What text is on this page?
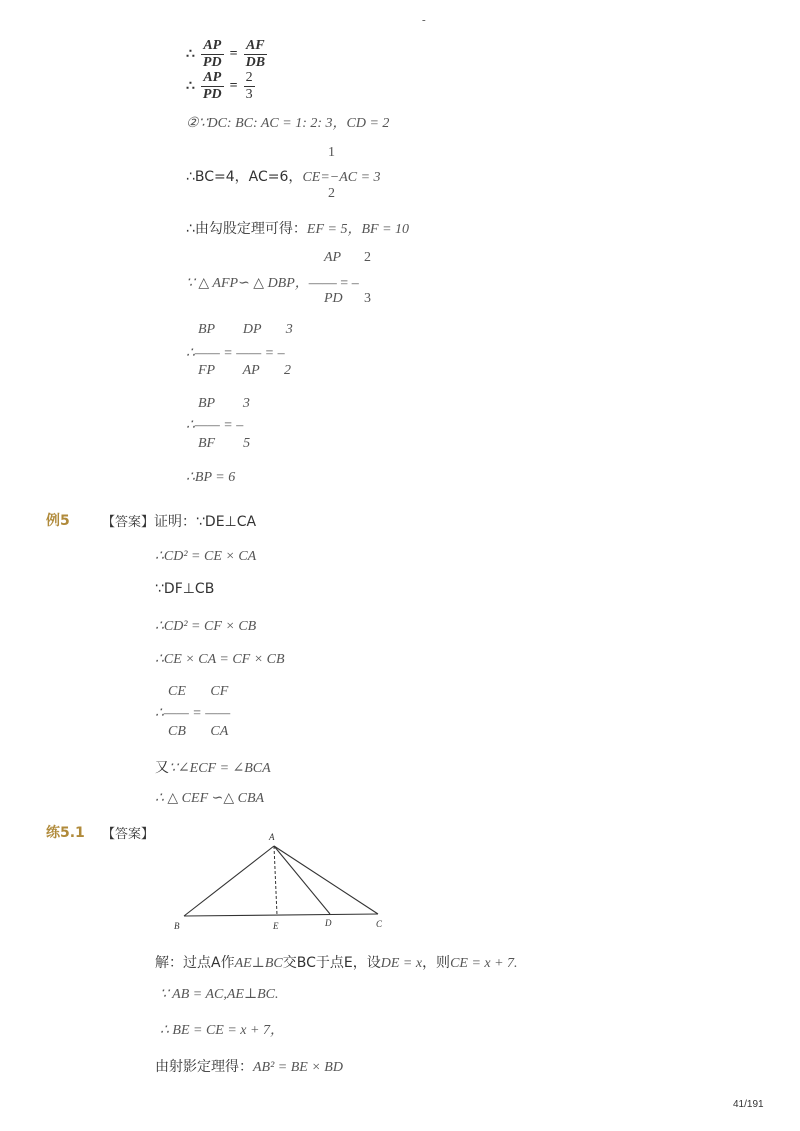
-
∴ $\frac{AP}{PD} = \frac{AF}{DB}$
∴ $\frac{AP}{PD} = \frac{2}{3}$
②∵DC: BC: AC = 1: 2: 3，CD = 2
1
∴BC=4，AC=6，CE=−AC = 3
2
∴由勾股定理可得：EF = 5，BF = 10
AP 2
∵ △ AFP∽ △ DBP，—— = –
PD 3
BP        DP       3
∴—— = —— = –
FP        AP       2
BP        3
∴—— = –
BF        5
∴BP = 6
例5 【答案】证明：∵DE⊥CA
∴CD² = CE × CA
∵DF⊥CB
∴CD² = CF × CB
∴CE × CA = CF × CB
CE       CF
∴—— = ——
CB       CA
又∵∠ECF = ∠BCA
∴ △ CEF ∽△ CBA
练5.1 【答案】	A
B	E	D	C
解：过点A作AE⊥BC交BC于点E，设DE = x，则CE = x + 7.
∵ AB = AC,AE⊥BC.
∴ BE = CE = x + 7，
由射影定理得：AB² = BE × BD
41/191
